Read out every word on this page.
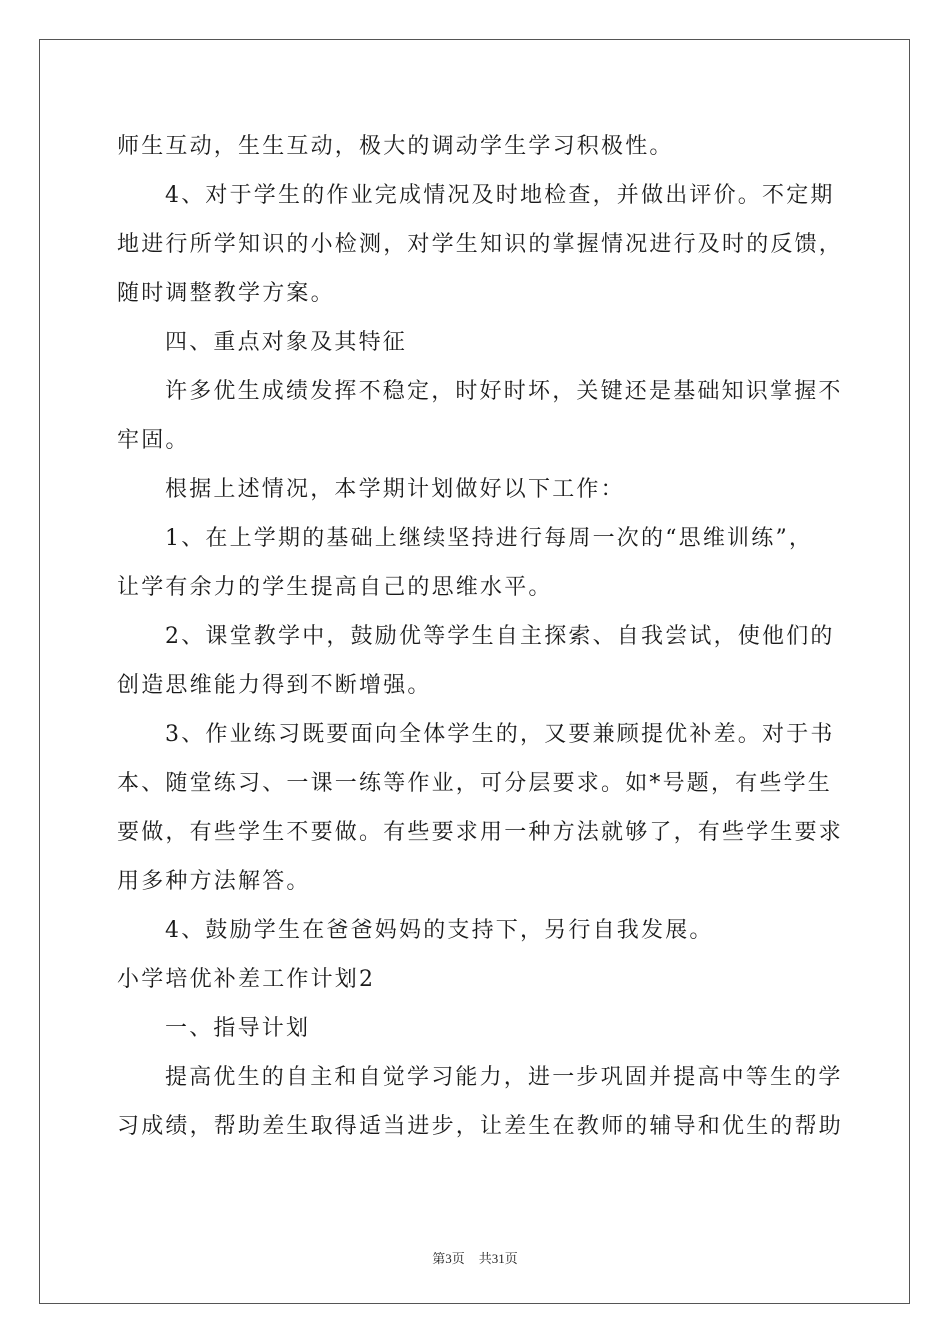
师生互动，生生互动，极大的调动学生学习积极性。
4、对于学生的作业完成情况及时地检查，并做出评价。不定期
地进行所学知识的小检测，对学生知识的掌握情况进行及时的反馈，
随时调整教学方案。
四、重点对象及其特征
许多优生成绩发挥不稳定，时好时坏，关键还是基础知识掌握不
牢固。
根据上述情况，本学期计划做好以下工作：
1、在上学期的基础上继续坚持进行每周一次的“思维训练”，
让学有余力的学生提高自己的思维水平。
2、课堂教学中，鼓励优等学生自主探索、自我尝试，使他们的
创造思维能力得到不断增强。
3、作业练习既要面向全体学生的，又要兼顾提优补差。对于书
本、随堂练习、一课一练等作业，可分层要求。如*号题，有些学生
要做，有些学生不要做。有些要求用一种方法就够了，有些学生要求
用多种方法解答。
4、鼓励学生在爸爸妈妈的支持下，另行自我发展。
小学培优补差工作计划2
一、指导计划
提高优生的自主和自觉学习能力，进一步巩固并提高中等生的学
习成绩，帮助差生取得适当进步，让差生在教师的辅导和优生的帮助
第3页 共31页
